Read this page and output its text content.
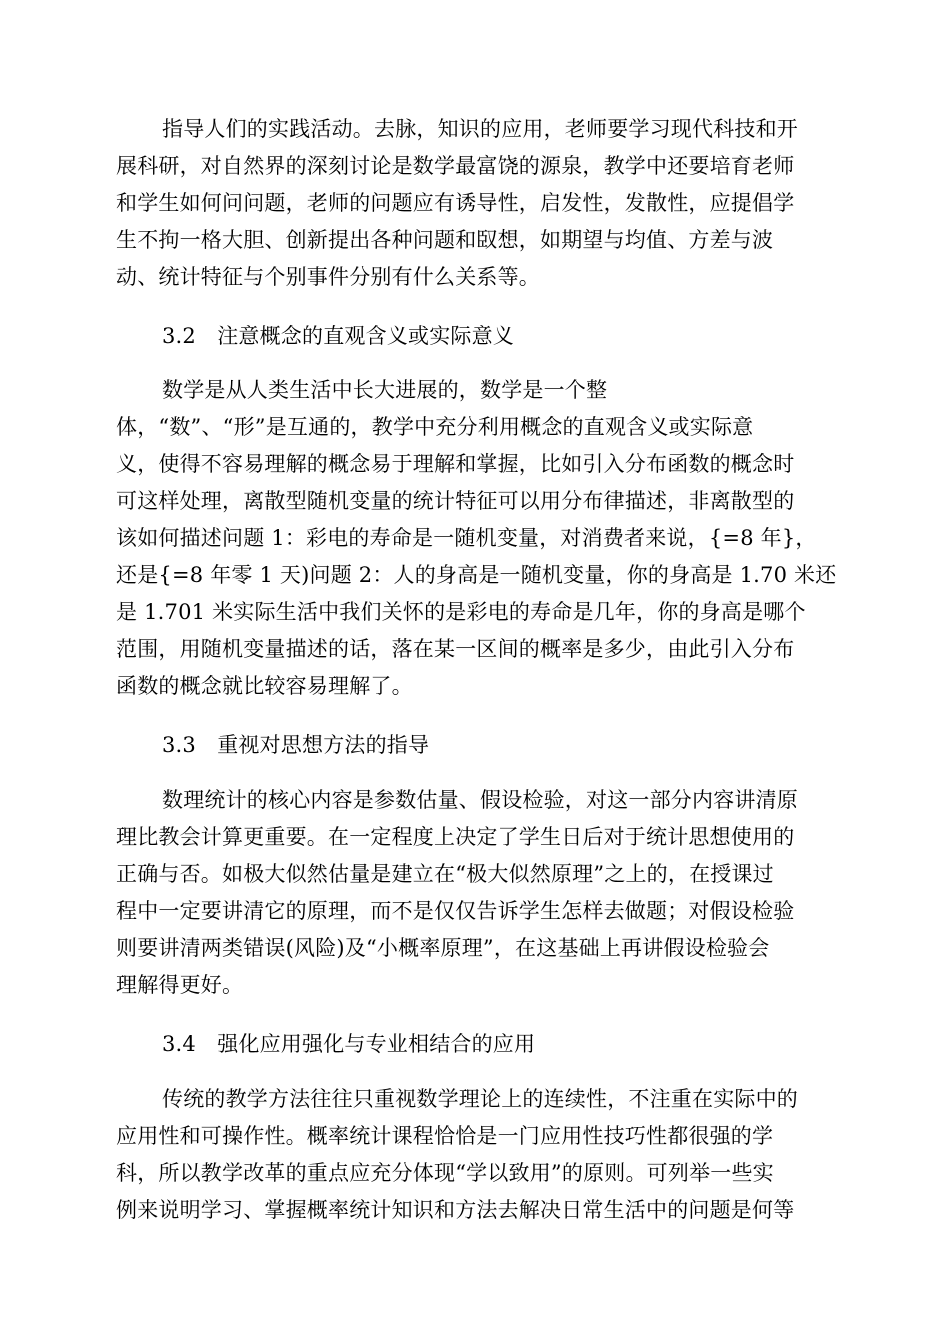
指导人们的实践活动。去脉，知识的应用，老师要学习现代科技和开
展科研，对自然界的深刻讨论是数学最富饶的源泉，教学中还要培育老师
和学生如何问问题，老师的问题应有诱导性，启发性，发散性，应提倡学
生不拘一格大胆、创新提出各种问题和臤想，如期望与均值、方差与波
动、统计特征与个别事件分别有什么关系等。
3.2　注意概念的直观含义或实际意义
数学是从人类生活中长大进展的，数学是一个整
体，“数”、“形”是互通的，教学中充分利用概念的直观含义或实际意
义，使得不容易理解的概念易于理解和掌握，比如引入分布函数的概念时
可这样处理，离散型随机变量的统计特征可以用分布律描述，非离散型的
该如何描述问题 1：彩电的寿命是一随机变量，对消费者来说，{=8 年}，
还是{=8 年零 1 天)问题 2：人的身高是一随机变量，你的身高是 1.70 米还
是 1.701 米实际生活中我们关怀的是彩电的寿命是几年，你的身高是哪个
范围，用随机变量描述的话，落在某一区间的概率是多少，由此引入分布
函数的概念就比较容易理解了。
3.3　重视对思想方法的指导
数理统计的核心内容是参数估量、假设检验，对这一部分内容讲清原
理比教会计算更重要。在一定程度上决定了学生日后对于统计思想使用的
正确与否。如极大似然估量是建立在“极大似然原理”之上的，在授课过
程中一定要讲清它的原理，而不是仅仅告诉学生怎样去做题；对假设检验
则要讲清两类错误(风险)及“小概率原理”，在这基础上再讲假设检验会
理解得更好。
3.4　强化应用强化与专业相结合的应用
传统的教学方法往往只重视数学理论上的连续性，不注重在实际中的
应用性和可操作性。概率统计课程恰恰是一门应用性技巧性都很强的学
科，所以教学改革的重点应充分体现“学以致用”的原则。可列举一些实
例来说明学习、掌握概率统计知识和方法去解决日常生活中的问题是何等
